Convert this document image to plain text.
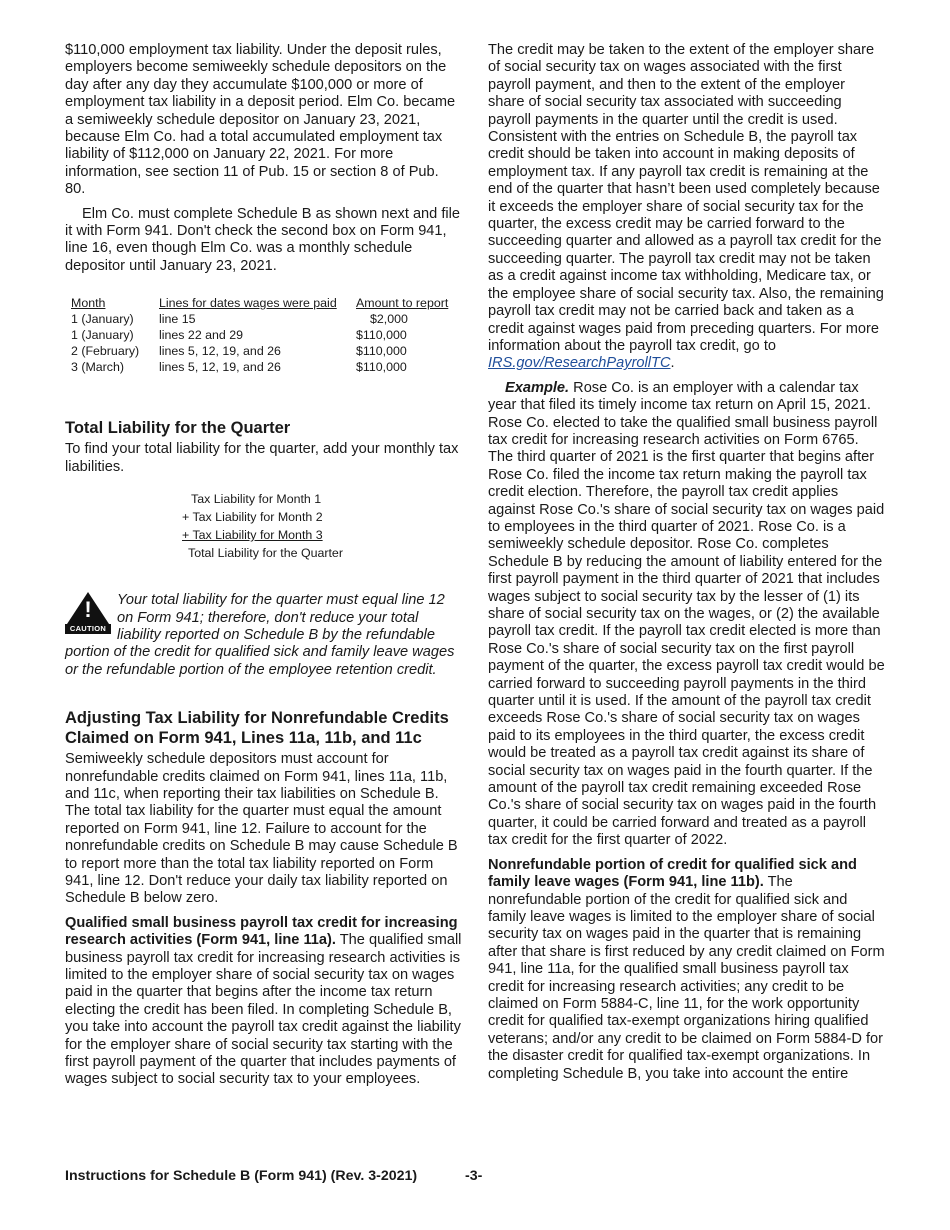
$110,000 employment tax liability. Under the deposit rules, employers become semiweekly schedule depositors on the day after any day they accumulate $100,000 or more of employment tax liability in a deposit period. Elm Co. became a semiweekly schedule depositor on January 23, 2021, because Elm Co. had a total accumulated employment tax liability of $112,000 on January 22, 2021. For more information, see section 11 of Pub. 15 or section 8 of Pub. 80.

Elm Co. must complete Schedule B as shown next and file it with Form 941. Don't check the second box on Form 941, line 16, even though Elm Co. was a monthly schedule depositor until January 23, 2021.

Month	Lines for dates wages were paid	Amount to report
1 (January)	line 15	$2,000
1 (January)	lines 22 and 29	$110,000
2 (February)	lines 5, 12, 19, and 26	$110,000
3 (March)	lines 5, 12, 19, and 26	$110,000
Total Liability for the Quarter

To find your total liability for the quarter, add your monthly tax liabilities.

Tax Liability for Month 1
+ Tax Liability for Month 2
+ Tax Liability for Month 3
Total Liability for the Quarter
!
CAUTION
Your total liability for the quarter must equal line 12 on Form 941; therefore, don't reduce your total liability reported on Schedule B by the refundable portion of the credit for qualified sick and family leave wages or the refundable portion of the employee retention credit.
Adjusting Tax Liability for Nonrefundable Credits Claimed on Form 941, Lines 11a, 11b, and 11c

Semiweekly schedule depositors must account for nonrefundable credits claimed on Form 941, lines 11a, 11b, and 11c, when reporting their tax liabilities on Schedule B. The total tax liability for the quarter must equal the amount reported on Form 941, line 12. Failure to account for the nonrefundable credits on Schedule B may cause Schedule B to report more than the total tax liability reported on Form 941, line 12. Don't reduce your daily tax liability reported on Schedule B below zero.

Qualified small business payroll tax credit for increasing research activities (Form 941, line 11a). The qualified small business payroll tax credit for increasing research activities is limited to the employer share of social security tax on wages paid in the quarter that begins after the income tax return electing the credit has been filed. In completing Schedule B, you take into account the payroll tax credit against the liability for the employer share of social security tax starting with the first payroll payment of the quarter that includes payments of wages subject to social security tax to your employees.

The credit may be taken to the extent of the employer share of social security tax on wages associated with the first payroll payment, and then to the extent of the employer share of social security tax associated with succeeding payroll payments in the quarter until the credit is used. Consistent with the entries on Schedule B, the payroll tax credit should be taken into account in making deposits of employment tax. If any payroll tax credit is remaining at the end of the quarter that hasn’t been used completely because it exceeds the employer share of social security tax for the quarter, the excess credit may be carried forward to the succeeding quarter and allowed as a payroll tax credit for the succeeding quarter. The payroll tax credit may not be taken as a credit against income tax withholding, Medicare tax, or the employee share of social security tax. Also, the remaining payroll tax credit may not be carried back and taken as a credit against wages paid from preceding quarters. For more information about the payroll tax credit, go to IRS.gov/ResearchPayrollTC.

Example. Rose Co. is an employer with a calendar tax year that filed its timely income tax return on April 15, 2021. Rose Co. elected to take the qualified small business payroll tax credit for increasing research activities on Form 6765. The third quarter of 2021 is the first quarter that begins after Rose Co. filed the income tax return making the payroll tax credit election. Therefore, the payroll tax credit applies against Rose Co.'s share of social security tax on wages paid to employees in the third quarter of 2021. Rose Co. is a semiweekly schedule depositor. Rose Co. completes Schedule B by reducing the amount of liability entered for the first payroll payment in the third quarter of 2021 that includes wages subject to social security tax by the lesser of (1) its share of social security tax on the wages, or (2) the available payroll tax credit. If the payroll tax credit elected is more than Rose Co.'s share of social security tax on the first payroll payment of the quarter, the excess payroll tax credit would be carried forward to succeeding payroll payments in the third quarter until it is used. If the amount of the payroll tax credit exceeds Rose Co.'s share of social security tax on wages paid to its employees in the third quarter, the excess credit would be treated as a payroll tax credit against its share of social security tax on wages paid in the fourth quarter. If the amount of the payroll tax credit remaining exceeded Rose Co.'s share of social security tax on wages paid in the fourth quarter, it could be carried forward and treated as a payroll tax credit for the first quarter of 2022.

Nonrefundable portion of credit for qualified sick and family leave wages (Form 941, line 11b). The nonrefundable portion of the credit for qualified sick and family leave wages is limited to the employer share of social security tax on wages paid in the quarter that is remaining after that share is first reduced by any credit claimed on Form 941, line 11a, for the qualified small business payroll tax credit for increasing research activities; any credit to be claimed on Form 5884-C, line 11, for the work opportunity credit for qualified tax-exempt organizations hiring qualified veterans; and/or any credit to be claimed on Form 5884-D for the disaster credit for qualified tax-exempt organizations. In completing Schedule B, you take into account the entire

Instructions for Schedule B (Form 941) (Rev. 3-2021)	-3-
